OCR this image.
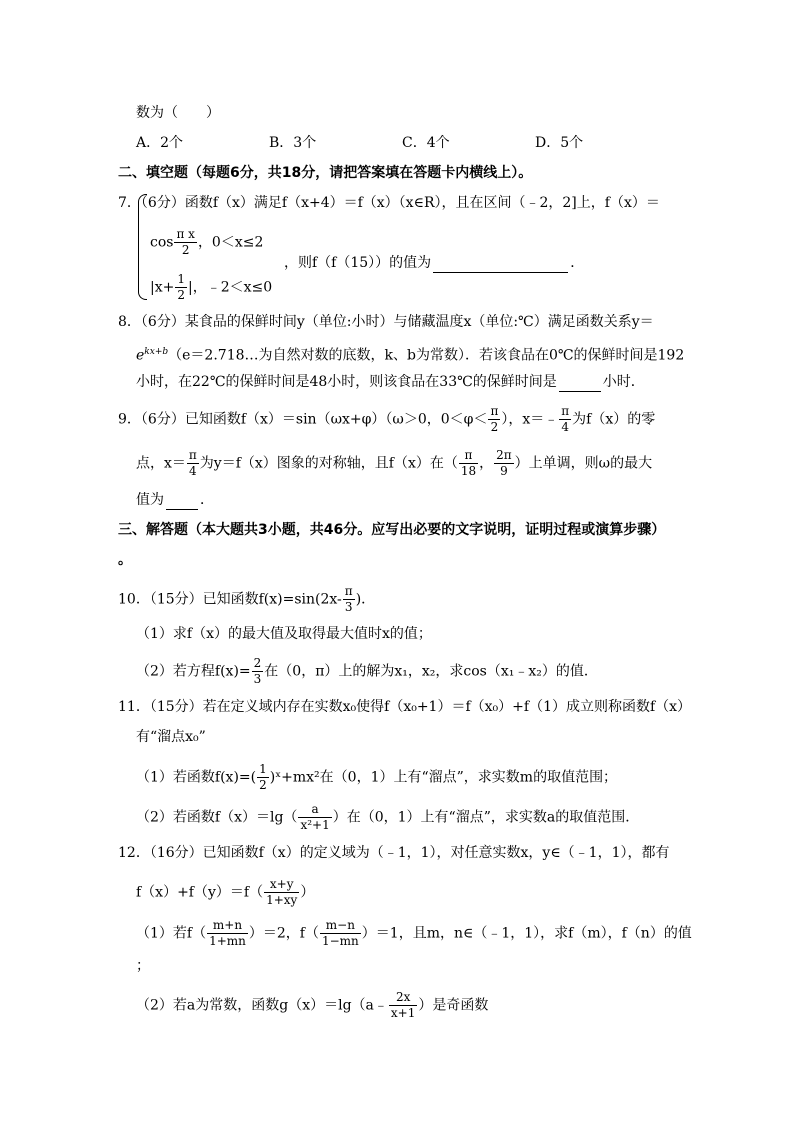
数为（　　）
A．2个	B．3个	C．4个	D．5个
二、填空题（每题6分，共18分，请把答案填在答题卡内横线上）。
7．（6分）函数f（x）满足f（x+4）＝f（x）（x∈R），且在区间（﹣2，2]上，f（x）＝
$\cos \frac{\text{π x}}{2}$ ，0＜x≤2
，则f（f（15））的值为	．
$|x+ \frac{1}{2}$ |，﹣2＜x≤0
8．（6分）某食品的保鲜时间y（单位:小时）与储藏温度x（单位:℃）满足函数关系y＝
$e^{kx+b}(e=2.718\dots$为自然对数的底数，k、b为常数）．若该食品在0℃的保鲜时间是192
小时，在22℃的保鲜时间是48小时，则该食品在33℃的保鲜时间是	小时．
9．（6分）已知函数f（x）＝sin（ωx+φ）（ω＞0，$0<\varphi< \frac{\pi}{2}$ ），x＝﹣ $\frac{\pi}{4}$ 为f（x）的零
点，$x= \frac{\pi}{4}$ 为y＝f（x）图象的对称轴，且f（x）在（ $\frac{\pi}{18}$ ， $\frac{2\pi}{9}$ ）上单调，则ω的最大
值为	．
三、解答题（本大题共3小题，共46分。应写出必要的文字说明，证明过程或演算步骤）
。
10．（15分）已知函数$f(x)=\sin(2x- \frac{\pi}{3}$ )．
（1）求f（x）的最大值及取得最大值时x的值；
（2）若方程$f(x)= \frac{2}{3}$ 在（0，π）上的解为x₁，x₂，求cos（x₁﹣x₂）的值．
11．（15分）若在定义域内存在实数x₀使得f（x₀+1）＝f（x₀）+f（1）成立则称函数f（x）
有“溜点x₀”
（1）若函数$f(x)=( \frac{1}{2}$ )ˣ+mx²在（0，1）上有“溜点”，求实数m的取值范围；
（2）若函数$f(x)=\lg( \frac{a}{\text{x²+1}}$ ）在（0，1）上有“溜点”，求实数a的取值范围．
12．（16分）已知函数f（x）的定义域为（﹣1，1），对任意实数x，y∈（﹣1，1），都有
$f(x)+f(y)=f( \frac{x+y}{1+xy}$ ）
（1）若$f( \frac{m+n}{1+mn} )=2$，$f( \frac{m-n}{1-mn} )=1$，且m，n∈（﹣1，1），求f（m），f（n）的值
；
（2）若a为常数，函数g（x）＝lg（a﹣ $\frac{2x}{x+1}$ ）是奇函数
